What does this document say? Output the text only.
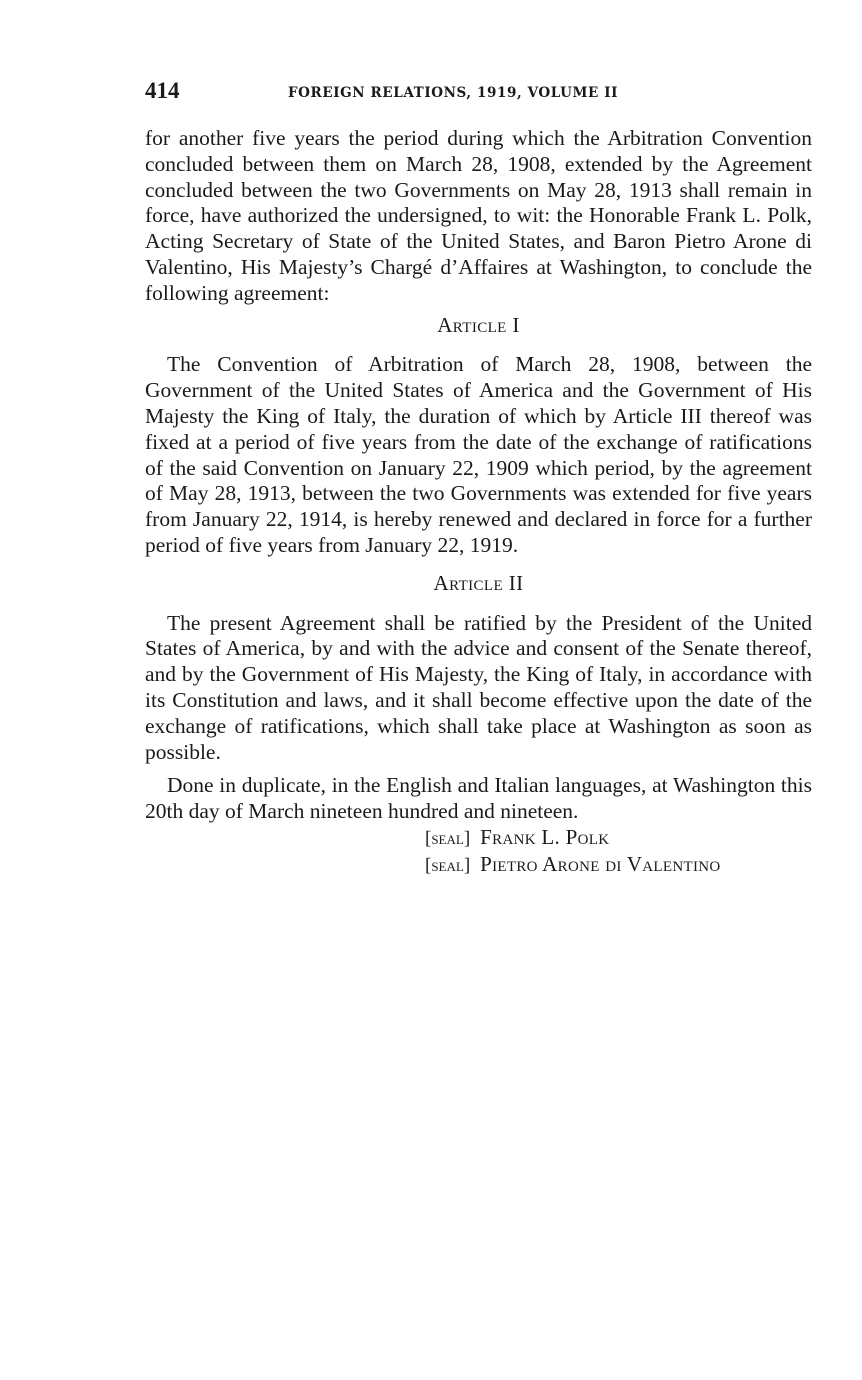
414	FOREIGN RELATIONS, 1919, VOLUME II

for another five years the period during which the Arbitration Convention concluded between them on March 28, 1908, extended by the Agreement concluded between the two Governments on May 28, 1913 shall remain in force, have authorized the undersigned, to wit: the Honorable Frank L. Polk, Acting Secretary of State of the United States, and Baron Pietro Arone di Valentino, His Majesty’s Chargé d’Affaires at Washington, to conclude the following agreement:

Article I

The Convention of Arbitration of March 28, 1908, between the Government of the United States of America and the Government of His Majesty the King of Italy, the duration of which by Article III thereof was fixed at a period of five years from the date of the exchange of ratifications of the said Convention on January 22, 1909 which period, by the agreement of May 28, 1913, between the two Governments was extended for five years from January 22, 1914, is hereby renewed and declared in force for a further period of five years from January 22, 1919.

Article II

The present Agreement shall be ratified by the President of the United States of America, by and with the advice and consent of the Senate thereof, and by the Government of His Majesty, the King of Italy, in accordance with its Constitution and laws, and it shall become effective upon the date of the exchange of ratifications, which shall take place at Washington as soon as possible.

Done in duplicate, in the English and Italian languages, at Washington this 20th day of March nineteen hundred and nineteen.

[seal] Frank L. Polk
[seal] Pietro Arone di Valentino
